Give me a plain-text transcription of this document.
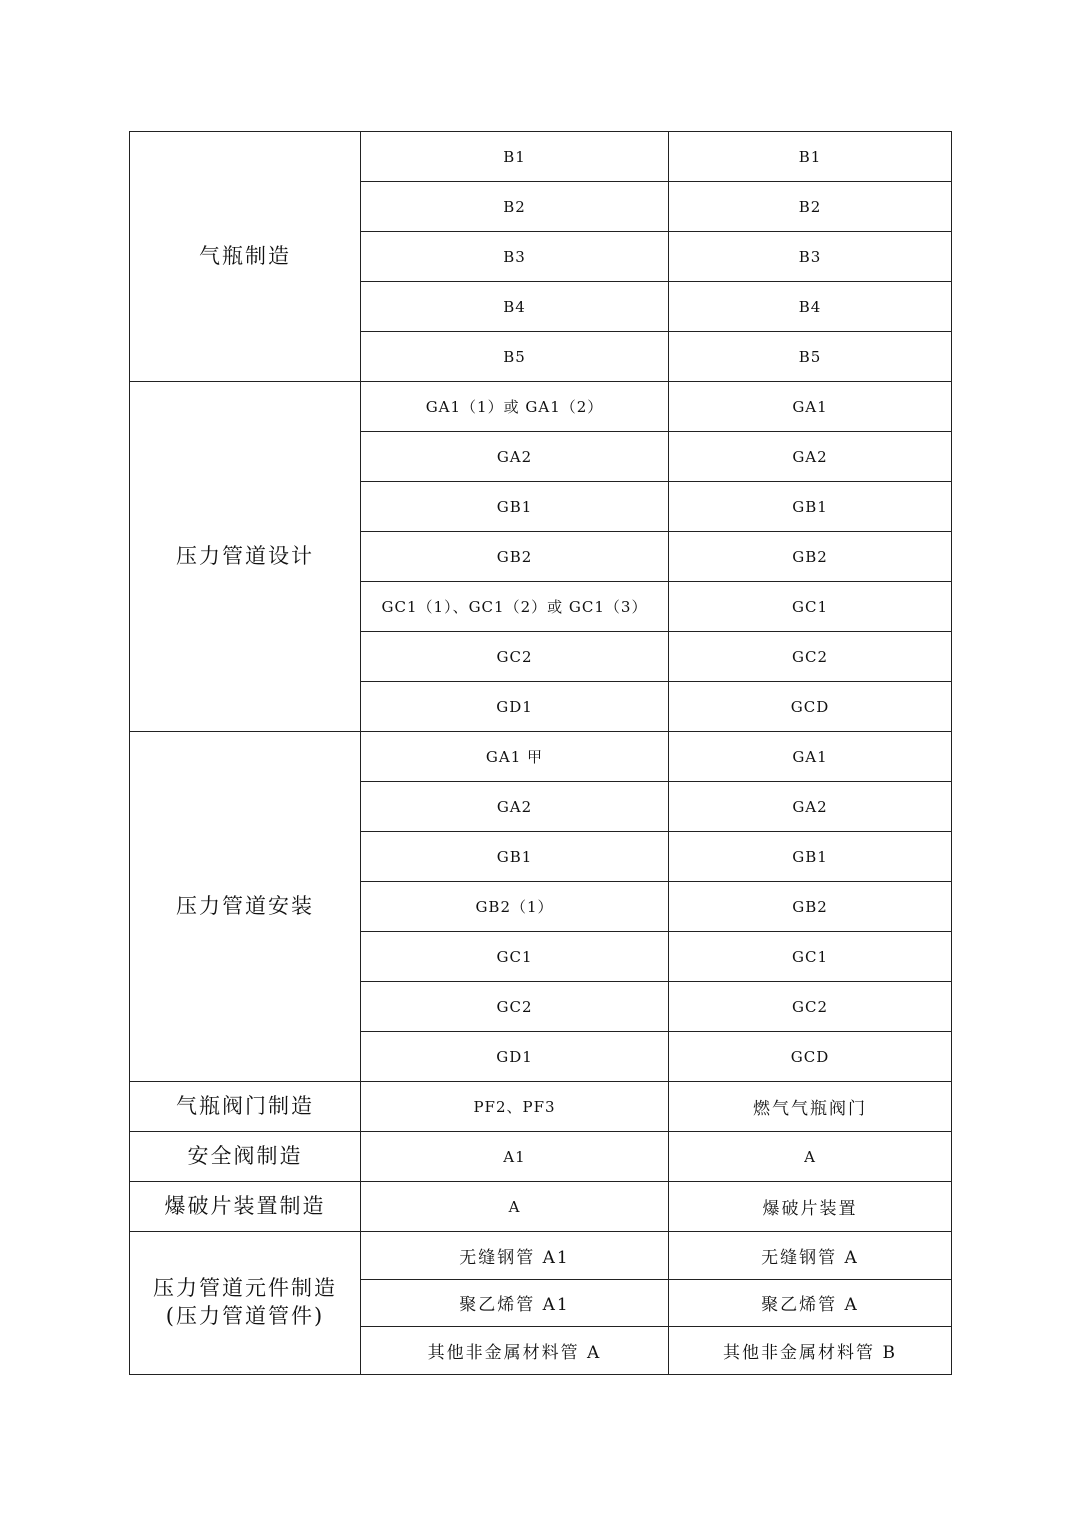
气瓶制造	B1	B1
	B2	B2
	B3	B3
	B4	B4
	B5	B5

压力管道设计	GA1（1）或 GA1（2）	GA1
	GA2	GA2
	GB1	GB1
	GB2	GB2
	GC1（1）、GC1（2）或 GC1（3）	GC1
	GC2	GC2
	GD1	GCD

压力管道安装	GA1 甲	GA1
	GA2	GA2
	GB1	GB1
	GB2（1）	GB2
	GC1	GC1
	GC2	GC2
	GD1	GCD

气瓶阀门制造	PF2、PF3	燃气气瓶阀门

安全阀制造	A1	A

爆破片装置制造	A	爆破片装置

压力管道元件制造
(压力管道管件)	无缝钢管 A1	无缝钢管 A
	聚乙烯管 A1	聚乙烯管 A
	其他非金属材料管 A	其他非金属材料管 B
